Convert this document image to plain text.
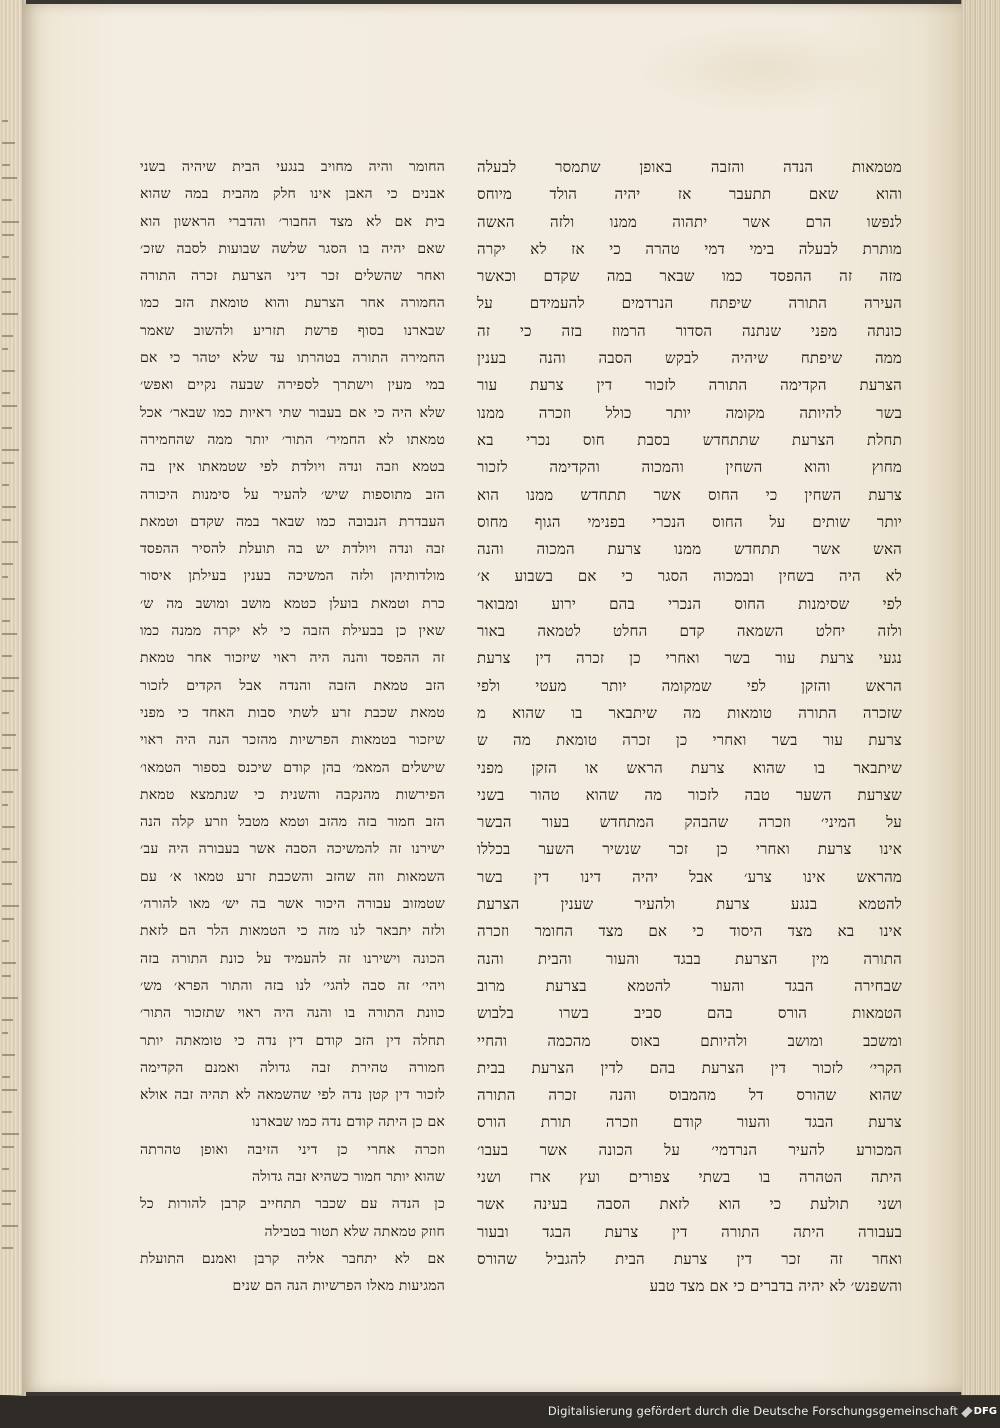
מטמאות הנדה והזבה באופן שתמסר לבעלה
והוא שאם תתעבר אז יהיה הולד מיוחס
לנפשו הרם אשר יתהוה ממנו ולזה האשה
מותרת לבעלה בימי דמי טהרה כי אז לא יקרה
מזה זה ההפסד כמו שבאר במה שקדם וכאשר
העירה התורה שיפתח הנרדמים להעמידם על
כונתה מפני שנתנה הסדור הרמוז בזה כי זה
ממה שיפתח שיהיה לבקש הסבה והנה בענין
הצרעת הקדימה התורה לזכור דין צרעת עור
בשר להיותה מקומה יותר כולל וזכרה ממנו
תחלת הצרעת שתתחדש בסבת חוס נכרי בא
מחוץ והוא השחין והמכוה והקדימה לזכור
צרעת השחין כי החוס אשר תתחדש ממנו הוא
יותר שותים על החוס הנכרי בפנימי הגוף מחוס
האש אשר תתחדש ממנו צרעת המכוה והנה
לא היה בשחין ובמכוה הסגר כי אם בשבוע א׳
לפי שסימנות החוס הנכרי בהם ירוע ומבואר
ולזה יחלט השמאה קדם החלט לטמאה באור
נגעי צרעת עור בשר ואחרי כן זכרה דין צרעת
הראש והזקן לפי שמקומה יותר מעטי ולפי
שזכרה התורה טומאות מה שיתבאר בו שהוא מ
צרעת עור בשר ואחרי כן זכרה טומאת מה ש
שיתבאר בו שהוא צרעת הראש או הזקן מפני
שצרעת השער טבה לזכור מה שהוא טהור בשני
על המיני׳ וזכרה שהבהק המתחדש בעור הבשר
אינו צרעת ואחרי כן זכר שנשיר השער בכללו
מהראש אינו צרע׳ אבל יהיה דינו דין בשר
להטמא בנגע צרעת ולהעיר שענין הצרעת
אינו בא מצד היסוד כי אם מצד החומר וזכרה
התורה מין הצרעת בבגד והעור והבית והנה
שבחירה הבגד והעור להטמא בצרעת מרוב
הטמאות הורס בהם סביב בשרו בלבוש
ומשכב ומושב ולהיותם באוס מהכמה והחיי
הקרי׳ לזכור דין הצרעת בהם לדין הצרעת בבית
שהוא שהורס דל מהמבוס והנה זכרה התורה
צרעת הבגד והעור קודם וזכרה תורת הורס
המכורע להעיר הנרדמי׳ על הכונה אשר בעבו׳
היתה הטהרה בו בשתי צפורים ועץ ארז ושני
ושני תולעת כי הוא לזאת הסבה בעינה אשר
בעבורה היתה התורה דין צרעת הבגד ובעור
ואחר זה זכר דין צרעת הבית להגביל שהורס
והשפנש׳ לא יהיה בדברים כי אם מצד טבע
החומר והיה מחויב בנגעי הבית שיהיה בשני
אבנים כי האבן אינו חלק מהבית במה שהוא
בית אם לא מצד החבור׳ והדברי הראשון הוא
שאם יהיה בו הסגר שלשה שבועות לסבה שזכ׳
ואחר שהשלים זכר דיני הצרעת זכרה התורה
החמורה אחר הצרעת והוא טומאת הזב כמו
שבארנו בסוף פרשת תזריע ולהשוב שאמר
החמירה התורה בטהרתו עד שלא יטהר כי אם
במי מעין וישתרך לספירה שבעה נקיים ואפש׳
שלא היה כי אם בעבור שתי ראיות כמו שבאר׳ אכל
טמאתו לא החמיר׳ התור׳ יותר ממה שהחמירה
בטמא וזבה ונדה ויולדת לפי שטמאתו אין בה
הזב מתוספות שיש׳ להעיר על סימנות היכורה
העבדרת הנבובה כמו שבאר במה שקדם וטמאת
זבה ונדה ויולדת יש בה תועלת להסיר ההפסד
מולדותיהן ולזה המשיכה בענין בעילתן איסור
כרת וטמאת בועלן כטמא מושב ומושב מה ש׳
שאין כן בבעילת הזבה כי לא יקרה ממנה כמו
זה ההפסד והנה היה ראוי שיזכור אחר טמאת
הזב טמאת הזבה והנדה אבל הקדים לזכור
טמאת שכבת זרע לשתי סבות האחד כי מפני
שיזכור בטמאות הפרשיות מהזכר הנה היה ראוי
שישלים המאמ׳ בהן קודם שיכנס בספור הטמאו׳
הפירשות מהנקבה והשנית כי שנתמצא טמאת
הזב חמור בזה מהזב וטמא מטבל וזרע קלה הנה
ישירנו זה להמשיכה הסבה אשר בעבורה היה עב׳
השמאות וזה שהזב והשכבת זרע טמאו א׳ עם
שטמזוב עבורה היכור אשר בה יש׳ מאו להורה׳
ולזה יתבאר לנו מזה כי הטמאות הלר הם לזאת
הכונה וישירנו זה להעמיד על כונת התורה בזה
ויהי׳ זה סבה להגי׳ לנו בזה והתור הפרא׳ מש׳
כוונת התורה בו והנה היה ראוי שתזכור התור׳
תחלה דין הזב קודם דין נדה כי טומאתה יותר
חמורה טהירת זבה גדולה ואמנם הקדימה
לזכור דין קטן נדה לפי שהשמאה לא תהיה זבה אולא
אם כן היתה קודם נדה כמו שבארנו
וזכרה אחרי כן דיני הזיבה ואופן טהרתה
שהוא יותר חמור כשהיא זבה גדולה
כן הנדה עם שכבר תתחייב קרבן להורות כל
חוזק טמאתה שלא תטור בטבילה
אם לא יתחבר אליה קרבן ואמנם התועלת
המגיעות מאלו הפרשיות הנה הם שנים
Digitalisierung gefördert durch die Deutsche Forschungsgemeinschaft DFG
